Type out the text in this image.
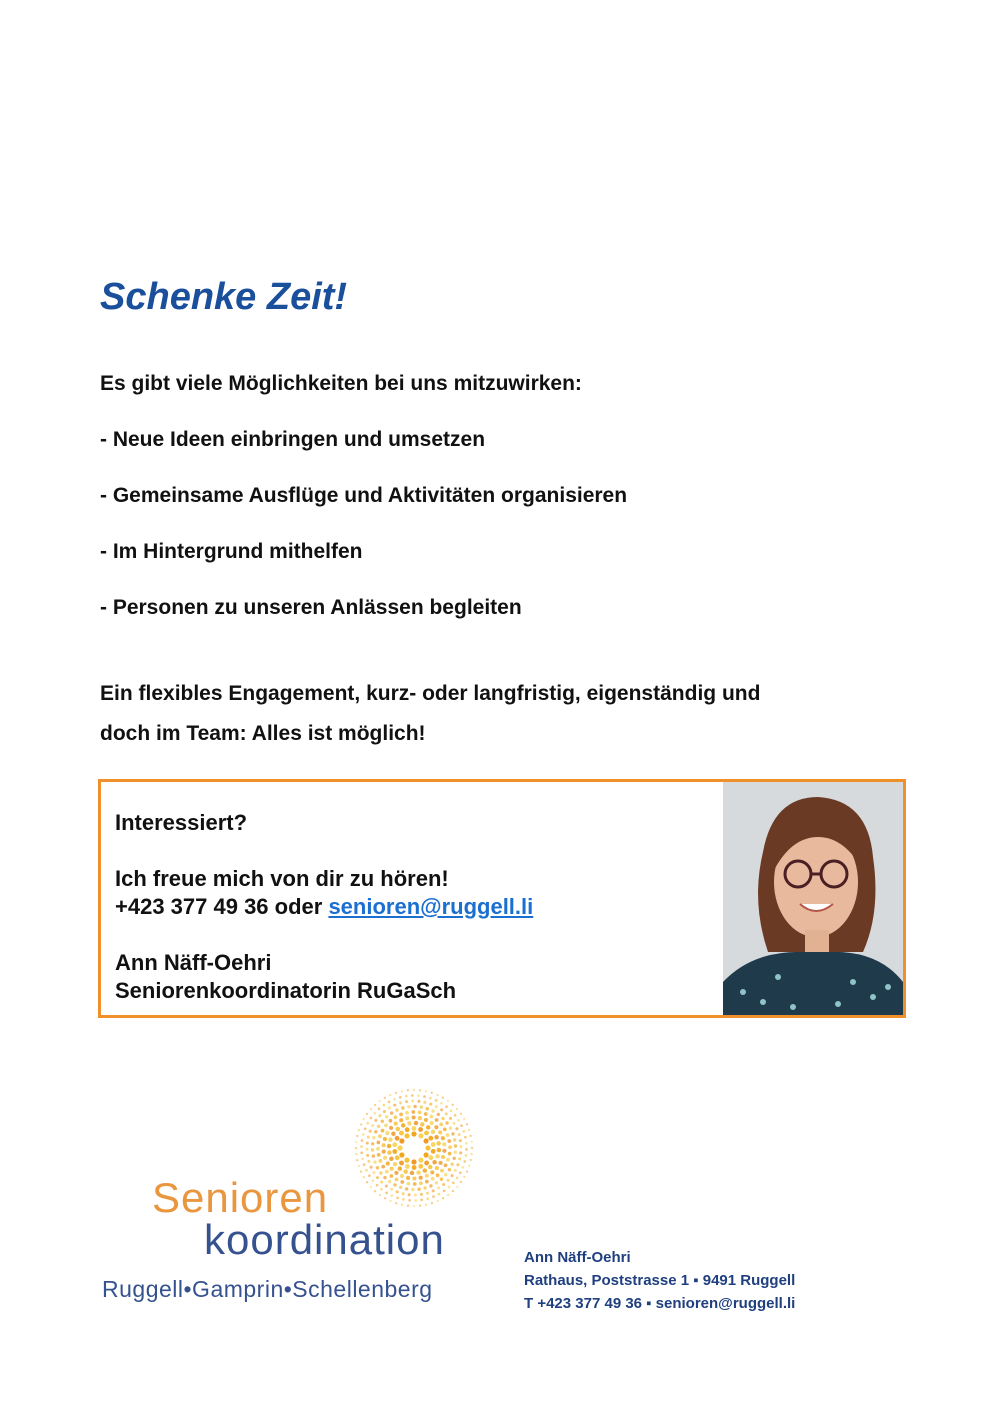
Schenke Zeit!
Es gibt viele Möglichkeiten bei uns mitzuwirken:
- Neue Ideen einbringen und umsetzen
- Gemeinsame Ausflüge und Aktivitäten organisieren
- Im Hintergrund mithelfen
- Personen zu unseren Anlässen begleiten
Ein flexibles Engagement, kurz- oder langfristig, eigenständig und
doch im Team: Alles ist möglich!
Interessiert?
Ich freue mich von dir zu hören!
+423 377 49 36 oder senioren@ruggell.li
Ann Näff-Oehri
Seniorenkoordinatorin RuGaSch
Senioren
koordination
Ruggell•Gamprin•Schellenberg
Ann Näff-Oehri
Rathaus, Poststrasse 1 ▪ 9491 Ruggell
T +423 377 49 36 ▪ senioren@ruggell.li
